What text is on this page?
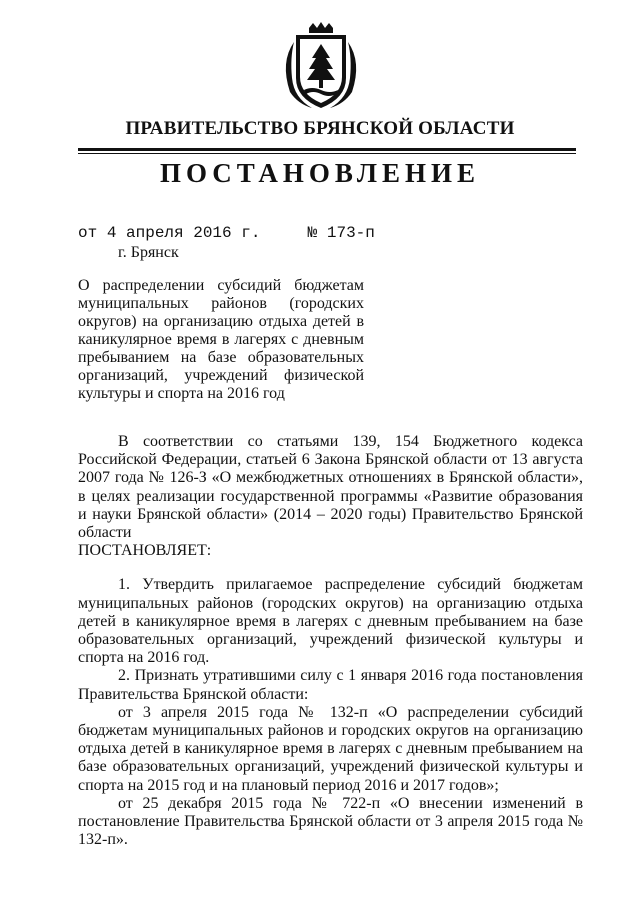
ПРАВИТЕЛЬСТВО БРЯНСКОЙ ОБЛАСТИ
ПОСТАНОВЛЕНИЕ
от 4 апреля 2016 г.	№ 173-п
г. Брянск
О распределении субсидий бюджетам муниципальных районов (городских округов) на организацию отдыха детей в каникулярное время в лагерях с дневным пребыванием на базе образовательных организаций, учреждений физической культуры и спорта на 2016 год

В соответствии со статьями 139, 154 Бюджетного кодекса Российской Федерации, статьей 6 Закона Брянской области от 13 августа 2007 года № 126-З «О межбюджетных отношениях в Брянской области», в целях реализации государственной программы «Развитие образования и науки Брянской области» (2014 – 2020 годы) Правительство Брянской области

ПОСТАНОВЛЯЕТ:

1. Утвердить прилагаемое распределение субсидий бюджетам муниципальных районов (городских округов) на организацию отдыха детей в каникулярное время в лагерях с дневным пребыванием на базе образовательных организаций, учреждений физической культуры и спорта на 2016 год.

2. Признать утратившими силу с 1 января 2016 года постановления Правительства Брянской области:

от 3 апреля 2015 года № 132-п «О распределении субсидий бюджетам муниципальных районов и городских округов на организацию отдыха детей в каникулярное время в лагерях с дневным пребыванием на базе образовательных организаций, учреждений физической культуры и спорта на 2015 год и на плановый период 2016 и 2017 годов»;

от 25 декабря 2015 года № 722-п «О внесении изменений в постановление Правительства Брянской области от 3 апреля 2015 года № 132-п».
